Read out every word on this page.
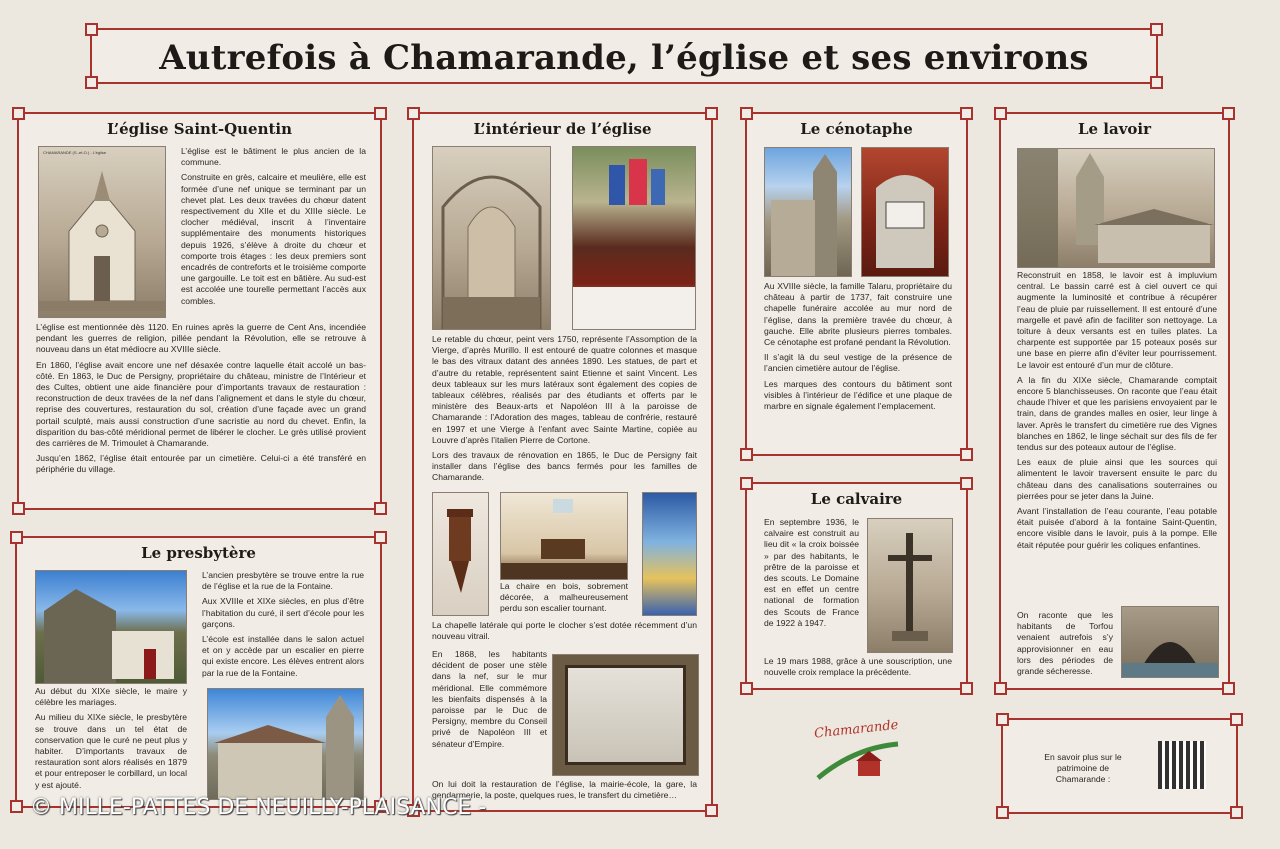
Autrefois à Chamarande, l’église et ses environs
L’église Saint-Quentin
CHAMARANDE (S.-et-O.) - L’église	L’église est le bâtiment le plus ancien de la commune.

Construite en grès, calcaire et meulière, elle est formée d’une nef unique se terminant par un chevet plat. Les deux travées du chœur datent respectivement du XIIe et du XIIIe siècle. Le clocher médiéval, inscrit à l’inventaire supplémentaire des monuments historiques depuis 1926, s’élève à droite du chœur et comporte trois étages : les deux premiers sont encadrés de contreforts et le troisième comporte une gargouille. Le toit est en bâtière. Au sud-est est accolée une tourelle permettant l’accès aux combles.

L’église est mentionnée dès 1120. En ruines après la guerre de Cent Ans, incendiée pendant les guerres de religion, pillée pendant la Révolution, elle se retrouve à nouveau dans un état médiocre au XVIIIe siècle.

En 1860, l’église avait encore une nef désaxée contre laquelle était accolé un bas-côté. En 1863, le Duc de Persigny, propriétaire du château, ministre de l’Intérieur et des Cultes, obtient une aide financière pour d’importants travaux de restauration : reconstruction de deux travées de la nef dans l’alignement et dans le style du chœur, reprise des couvertures, restauration du sol, création d’une façade avec un grand portail sculpté, mais aussi construction d’une sacristie au nord du chevet. Enfin, la disparition du bas-côté méridional permet de libérer le clocher. Le grès utilisé provient des carrières de M. Trimoulet à Chamarande.

Jusqu’en 1862, l’église était entourée par un cimetière. Celui-ci a été transféré en périphérie du village.

Le presbytère

L’ancien presbytère se trouve entre la rue de l’église et la rue de la Fontaine.

Aux XVIIIe et XIXe siècles, en plus d’être l’habitation du curé, il sert d’école pour les garçons.

L’école est installée dans le salon actuel et on y accède par un escalier en pierre qui existe encore. Les élèves entrent alors par la rue de la Fontaine.

Au début du XIXe siècle, le maire y célèbre les mariages.

Au milieu du XIXe siècle, le presbytère se trouve dans un tel état de conservation que le curé ne peut plus y habiter. D’importants travaux de restauration sont alors réalisés en 1879 et pour entreposer le corbillard, un local y est ajouté.

L’intérieur de l’église

Le retable du chœur, peint vers 1750, représente l’Assomption de la Vierge, d’après Murillo. Il est entouré de quatre colonnes et masque le bas des vitraux datant des années 1890. Les statues, de part et d’autre du retable, représentent saint Etienne et saint Vincent. Les deux tableaux sur les murs latéraux sont également des copies de tableaux célèbres, réalisés par des étudiants et offerts par le ministère des Beaux-arts et Napoléon III à la paroisse de Chamarande : l’Adoration des mages, tableau de confrérie, restauré en 1997 et une Vierge à l’enfant avec Sainte Martine, copiée au Louvre d’après l’italien Pierre de Cortone.

Lors des travaux de rénovation en 1865, le Duc de Persigny fait installer dans l’église des bancs fermés pour les familles de Chamarande.

La chaire en bois, sobrement décorée, a malheureusement perdu son escalier tournant.
La chapelle latérale qui porte le clocher s’est dotée récemment d’un nouveau vitrail.
En 1868, les habitants décident de poser une stèle dans la nef, sur le mur méridional. Elle commémore les bienfaits dispensés à la paroisse par le Duc de Persigny, membre du Conseil privé de Napoléon III et sénateur d’Empire.
On lui doit la restauration de l’église, la mairie-école, la gare, la gendarmerie, la poste, quelques rues, le transfert du cimetière…
Le cénotaphe

Au XVIIIe siècle, la famille Talaru, propriétaire du château à partir de 1737, fait construire une chapelle funéraire accolée au mur nord de l’église, dans la première travée du chœur, à gauche. Elle abrite plusieurs pierres tombales. Ce cénotaphe est profané pendant la Révolution.

Il s’agit là du seul vestige de la présence de l’ancien cimetière autour de l’église.

Les marques des contours du bâtiment sont visibles à l’intérieur de l’édifice et une plaque de marbre en signale également l’emplacement.

Le calvaire
En septembre 1936, le calvaire est construit au lieu dit « la croix boissée » par des habitants, le prêtre de la paroisse et des scouts. Le Domaine est en effet un centre national de formation des Scouts de France de 1922 à 1947.
Le 19 mars 1988, grâce à une souscription, une nouvelle croix remplace la précédente.
Le lavoir

Reconstruit en 1858, le lavoir est à impluvium central. Le bassin carré est à ciel ouvert ce qui augmente la luminosité et contribue à récupérer l’eau de pluie par ruissellement. Il est entouré d’une margelle et pavé afin de faciliter son nettoyage. La toiture à deux versants est en tuiles plates. La charpente est supportée par 15 poteaux posés sur une base en pierre afin d’éviter leur pourrissement. Le lavoir est entouré d’un mur de clôture.

A la fin du XIXe siècle, Chamarande comptait encore 5 blanchisseuses. On raconte que l’eau était chaude l’hiver et que les parisiens envoyaient par le train, dans de grandes malles en osier, leur linge à laver. Après le transfert du cimetière rue des Vignes blanches en 1862, le linge séchait sur des fils de fer tendus sur des poteaux autour de l’église.

Les eaux de pluie ainsi que les sources qui alimentent le lavoir traversent ensuite le parc du château dans des canalisations souterraines ou pierrées pour se jeter dans la Juine.

Avant l’installation de l’eau courante, l’eau potable était puisée d’abord à la fontaine Saint-Quentin, encore visible dans le lavoir, puis à la pompe. Elle était réputée pour guérir les coliques enfantines.

On raconte que les habitants de Torfou venaient autrefois s’y approvisionner en eau lors des périodes de grande sécheresse.
Chamarande
En savoir plus sur le patrimoine de Chamarande :
© MILLE-PATTES DE NEUILLY-PLAISANCE -
